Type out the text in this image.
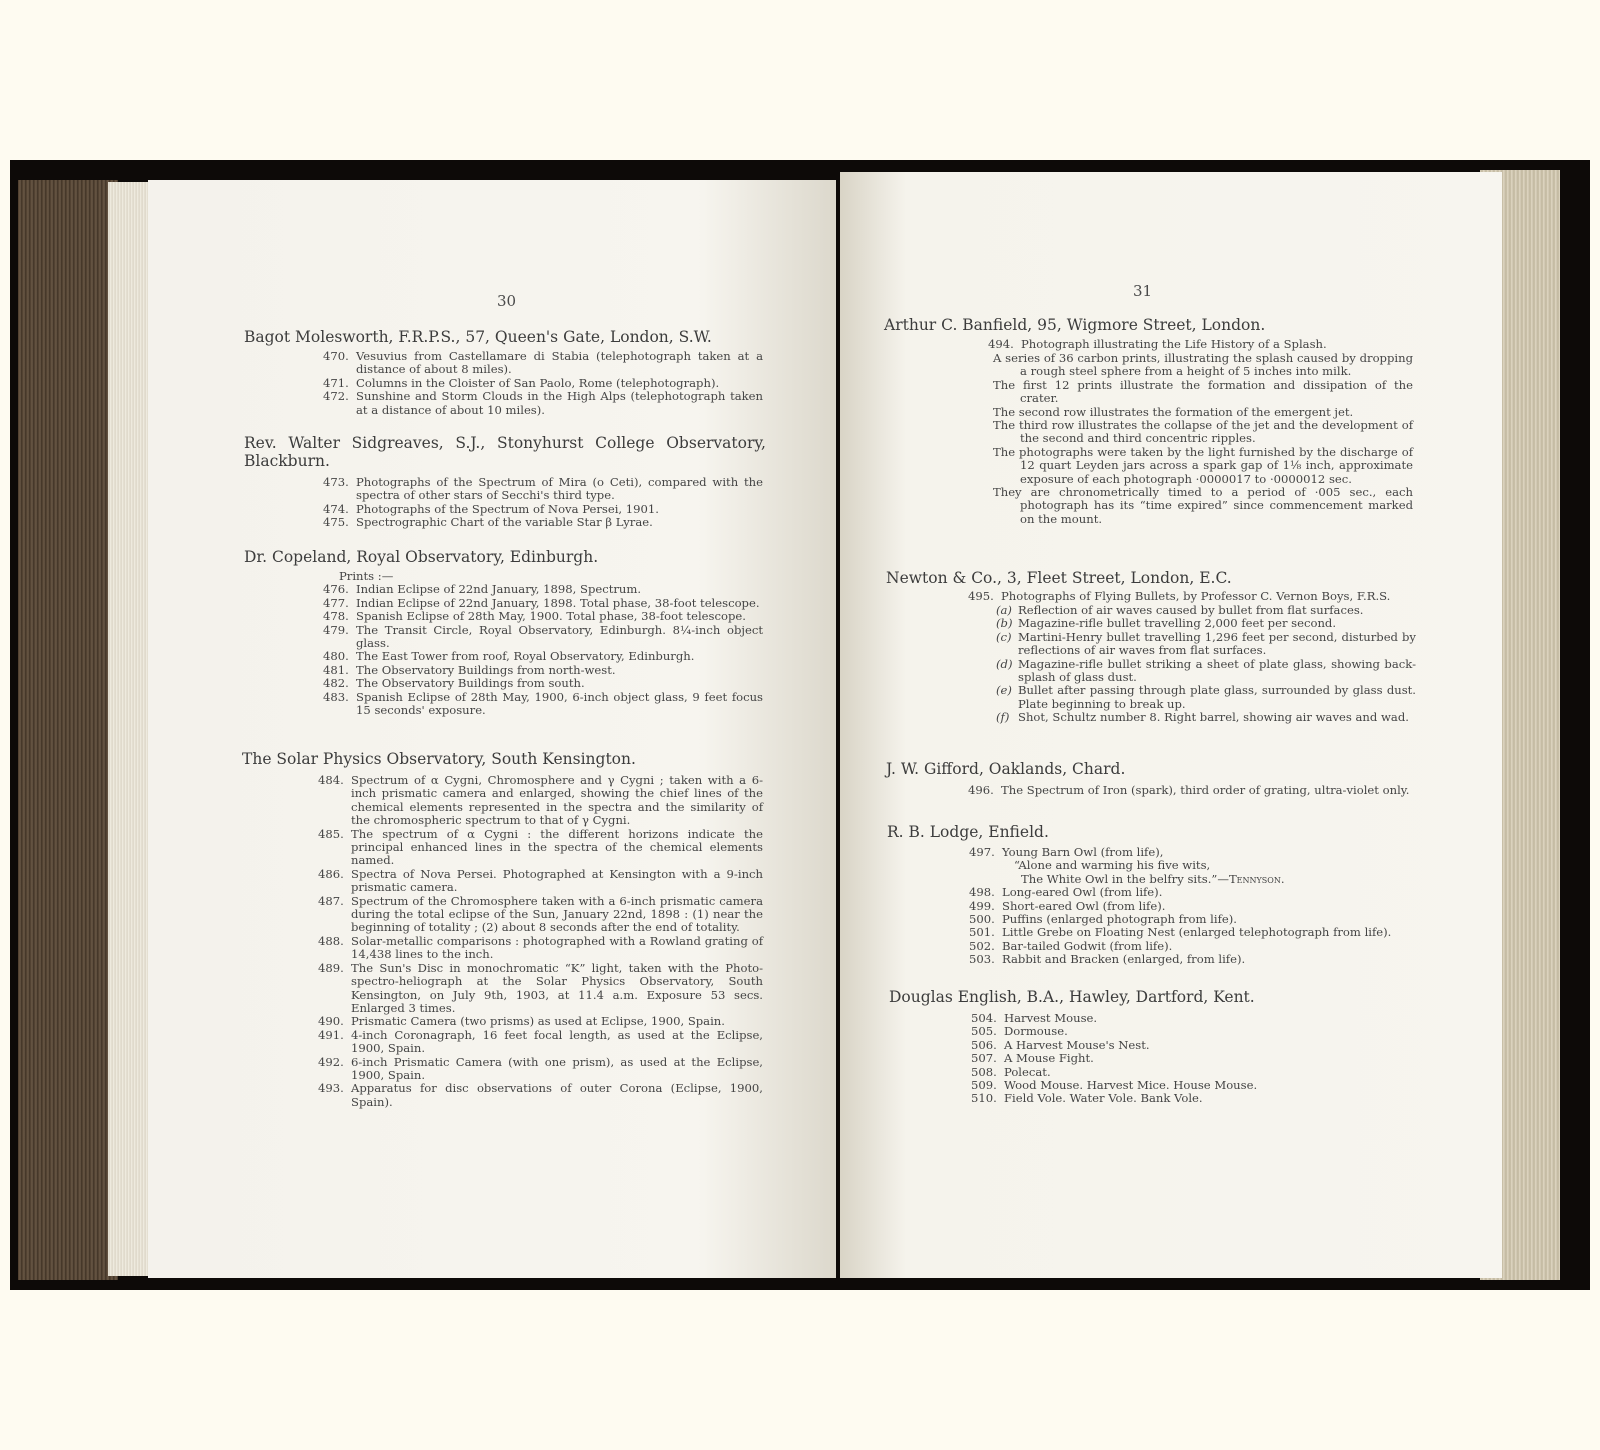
30
Bagot Molesworth, F.R.P.S., 57, Queen's Gate, London, S.W.
470. Vesuvius from Castellamare di Stabia (telephotograph taken at a distance of about 8 miles).
471. Columns in the Cloister of San Paolo, Rome (telephotograph).
472. Sunshine and Storm Clouds in the High Alps (telephotograph taken at a distance of about 10 miles).
Rev. Walter Sidgreaves, S.J., Stonyhurst College Observatory, Blackburn.
473. Photographs of the Spectrum of Mira (o Ceti), compared with the spectra of other stars of Secchi's third type.
474. Photographs of the Spectrum of Nova Persei, 1901.
475. Spectrographic Chart of the variable Star β Lyrae.
Dr. Copeland, Royal Observatory, Edinburgh.
Prints :—
476. Indian Eclipse of 22nd January, 1898, Spectrum.
477. Indian Eclipse of 22nd January, 1898. Total phase, 38-foot telescope.
478. Spanish Eclipse of 28th May, 1900. Total phase, 38-foot telescope.
479. The Transit Circle, Royal Observatory, Edinburgh. 8¼-inch object glass.
480. The East Tower from roof, Royal Observatory, Edinburgh.
481. The Observatory Buildings from north-west.
482. The Observatory Buildings from south.
483. Spanish Eclipse of 28th May, 1900, 6-inch object glass, 9 feet focus 15 seconds' exposure.
The Solar Physics Observatory, South Kensington.
484. Spectrum of α Cygni, Chromosphere and γ Cygni ; taken with a 6-inch prismatic camera and enlarged, showing the chief lines of the chemical elements represented in the spectra and the similarity of the chromospheric spectrum to that of γ Cygni.
485. The spectrum of α Cygni : the different horizons indicate the principal enhanced lines in the spectra of the chemical elements named.
486. Spectra of Nova Persei. Photographed at Kensington with a 9-inch prismatic camera.
487. Spectrum of the Chromosphere taken with a 6-inch prismatic camera during the total eclipse of the Sun, January 22nd, 1898 : (1) near the beginning of totality ; (2) about 8 seconds after the end of totality.
488. Solar-metallic comparisons : photographed with a Rowland grating of 14,438 lines to the inch.
489. The Sun's Disc in monochromatic “K” light, taken with the Photo-spectro-heliograph at the Solar Physics Observatory, South Kensington, on July 9th, 1903, at 11.4 a.m. Exposure 53 secs. Enlarged 3 times.
490. Prismatic Camera (two prisms) as used at Eclipse, 1900, Spain.
491. 4-inch Coronagraph, 16 feet focal length, as used at the Eclipse, 1900, Spain.
492. 6-inch Prismatic Camera (with one prism), as used at the Eclipse, 1900, Spain.
493. Apparatus for disc observations of outer Corona (Eclipse, 1900, Spain).
31
Arthur C. Banfield, 95, Wigmore Street, London.
494. Photograph illustrating the Life History of a Splash.
A series of 36 carbon prints, illustrating the splash caused by dropping a rough steel sphere from a height of 5 inches into milk.
The first 12 prints illustrate the formation and dissipation of the crater.
The second row illustrates the formation of the emergent jet.
The third row illustrates the collapse of the jet and the development of the second and third concentric ripples.
The photographs were taken by the light furnished by the discharge of 12 quart Leyden jars across a spark gap of 1⅛ inch, approximate exposure of each photograph ·0000017 to ·0000012 sec.
They are chronometrically timed to a period of ·005 sec., each photograph has its “time expired” since commencement marked on the mount.
Newton & Co., 3, Fleet Street, London, E.C.
495. Photographs of Flying Bullets, by Professor C. Vernon Boys, F.R.S.
(a) Reflection of air waves caused by bullet from flat surfaces.
(b) Magazine-rifle bullet travelling 2,000 feet per second.
(c) Martini-Henry bullet travelling 1,296 feet per second, disturbed by reflections of air waves from flat surfaces.
(d) Magazine-rifle bullet striking a sheet of plate glass, showing back-splash of glass dust.
(e) Bullet after passing through plate glass, surrounded by glass dust. Plate beginning to break up.
(f) Shot, Schultz number 8. Right barrel, showing air waves and wad.
J. W. Gifford, Oaklands, Chard.
496. The Spectrum of Iron (spark), third order of grating, ultra-violet only.
R. B. Lodge, Enfield.
497. Young Barn Owl (from life),
“Alone and warming his five wits,
The White Owl in the belfry sits.”—Tennyson.
498. Long-eared Owl (from life).
499. Short-eared Owl (from life).
500. Puffins (enlarged photograph from life).
501. Little Grebe on Floating Nest (enlarged telephotograph from life).
502. Bar-tailed Godwit (from life).
503. Rabbit and Bracken (enlarged, from life).
Douglas English, B.A., Hawley, Dartford, Kent.
504. Harvest Mouse.
505. Dormouse.
506. A Harvest Mouse's Nest.
507. A Mouse Fight.
508. Polecat.
509. Wood Mouse. Harvest Mice. House Mouse.
510. Field Vole. Water Vole. Bank Vole.
